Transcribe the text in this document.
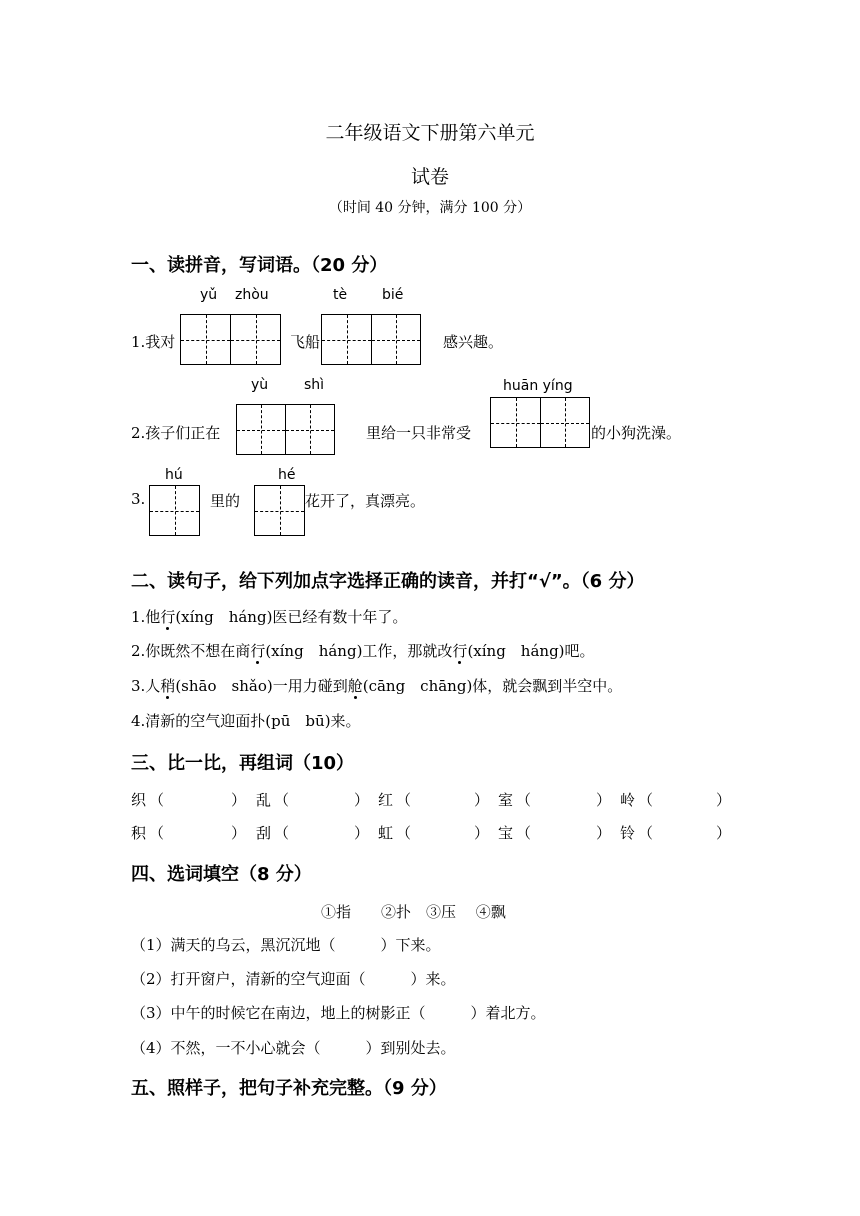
二年级语文下册第六单元
试卷
（时间 40 分钟，满分 100 分）
一、读拼音，写词语。（20 分）
yǔ zhòu	tè bié
1.我对	飞船	感兴趣。
yù	shì	huān yíng
2.孩子们正在	里给一只非常受	的小狗洗澡。
hú	hé
3.	里的	花开了，真漂亮。
二、读句子，给下列加点字选择正确的读音，并打“√”。（6 分）
1.他行(xíng　háng)医已经有数十年了。
2.你既然不想在商行(xíng　háng)工作，那就改行(xíng　háng)吧。
3.人稍(shāo　shǎo)一用力碰到舱(cāng　chāng)体，就会飘到半空中。
4.清新的空气迎面扑(pū　bū)来。
三、比一比，再组词（10）
织 （	） 乱 （	） 红 （	） 室 （	） 岭 （	）
积 （	） 刮 （	） 虹 （	） 宝 （	） 铃 （	）
四、选词填空（8 分）
①指　　②扑　③压　 ④飘
（1）满天的乌云，黑沉沉地（　　　）下来。
（2）打开窗户，清新的空气迎面（　　　）来。
（3）中午的时候它在南边，地上的树影正（　　　）着北方。
（4）不然，一不小心就会（　　　）到别处去。
五、照样子，把句子补充完整。（9 分）
